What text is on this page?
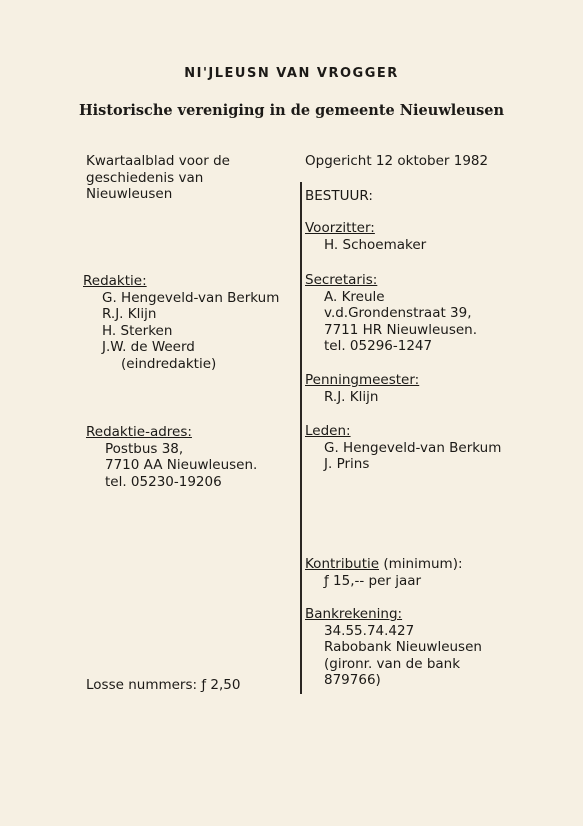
NI'JLEUSN VAN VROGGER
Historische vereniging in de gemeente Nieuwleusen
Kwartaalblad voor de
geschiedenis van
Nieuwleusen
Redaktie:
G. Hengeveld-van Berkum
R.J. Klijn
H. Sterken
J.W. de Weerd
(eindredaktie)
Redaktie-adres:
Postbus 38,
7710 AA Nieuwleusen.
tel. 05230-19206
Losse nummers: ƒ 2,50
Opgericht 12 oktober 1982
BESTUUR:
Voorzitter:
H. Schoemaker
Secretaris:
A. Kreule
v.d.Grondenstraat 39,
7711 HR Nieuwleusen.
tel. 05296-1247
Penningmeester:
R.J. Klijn
Leden:
G. Hengeveld-van Berkum
J. Prins
Kontributie (minimum):
ƒ 15,-- per jaar
Bankrekening:
34.55.74.427
Rabobank Nieuwleusen
(gironr. van de bank
879766)
